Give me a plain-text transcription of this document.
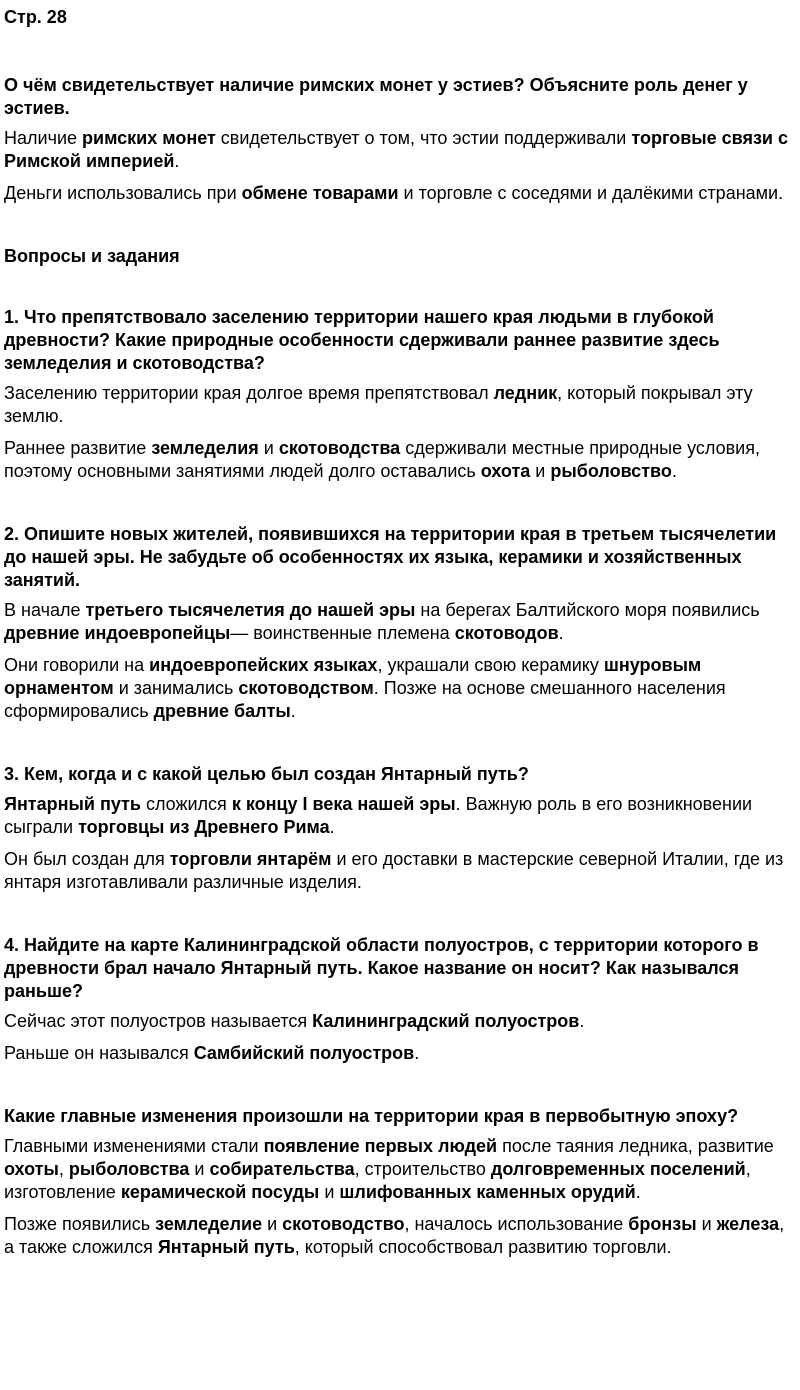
Стр. 28
О чём свидетельствует наличие римских монет у эстиев? Объясните роль денег у эстиев.
Наличие римских монет свидетельствует о том, что эстии поддерживали торговые связи с Римской империей.
Деньги использовались при обмене товарами и торговле с соседями и далёкими странами.
Вопросы и задания
1. Что препятствовало заселению территории нашего края людьми в глубокой древности? Какие природные особенности сдерживали раннее развитие здесь земледелия и скотоводства?
Заселению территории края долгое время препятствовал ледник, который покрывал эту землю.
Раннее развитие земледелия и скотоводства сдерживали местные природные условия, поэтому основными занятиями людей долго оставались охота и рыболовство.
2. Опишите новых жителей, появившихся на территории края в третьем тысячелетии до нашей эры. Не забудьте об особенностях их языка, керамики и хозяйственных занятий.
В начале третьего тысячелетия до нашей эры на берегах Балтийского моря появились древние индоевропейцы— воинственные племена скотоводов.
Они говорили на индоевропейских языках, украшали свою керамику шнуровым орнаментом и занимались скотоводством. Позже на основе смешанного населения сформировались древние балты.
3. Кем, когда и с какой целью был создан Янтарный путь?
Янтарный путь сложился к концу I века нашей эры. Важную роль в его возникновении сыграли торговцы из Древнего Рима.
Он был создан для торговли янтарём и его доставки в мастерские северной Италии, где из янтаря изготавливали различные изделия.
4. Найдите на карте Калининградской области полуостров, с территории которого в древности брал начало Янтарный путь. Какое название он носит? Как назывался раньше?
Сейчас этот полуостров называется Калининградский полуостров.
Раньше он назывался Самбийский полуостров.
Какие главные изменения произошли на территории края в первобытную эпоху?
Главными изменениями стали появление первых людей после таяния ледника, развитие охоты, рыболовства и собирательства, строительство долговременных поселений, изготовление керамической посуды и шлифованных каменных орудий.
Позже появились земледелие и скотоводство, началось использование бронзы и железа, а также сложился Янтарный путь, который способствовал развитию торговли.
